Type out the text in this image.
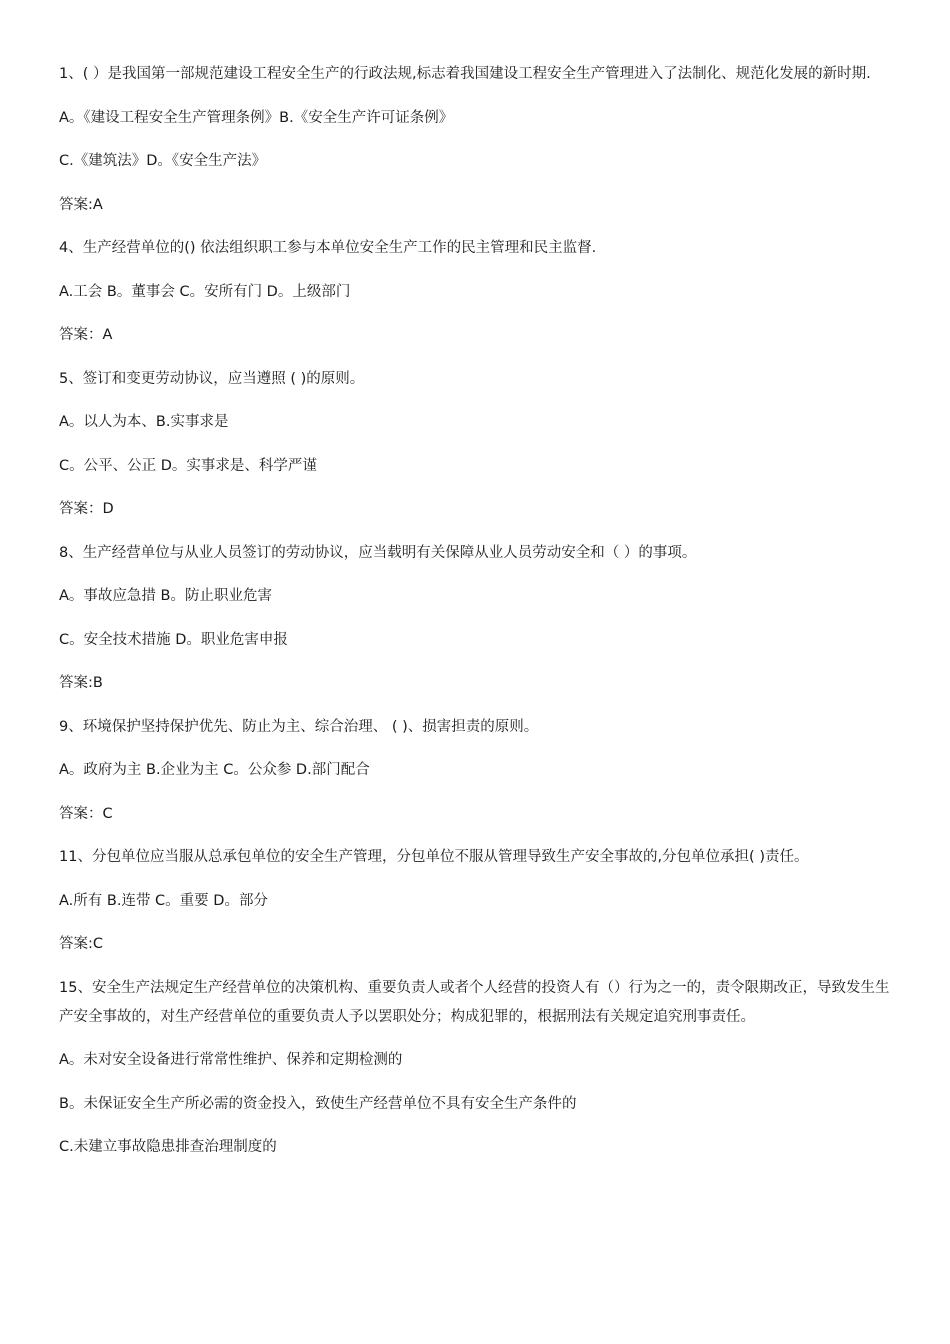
1、( ）是我国第一部规范建设工程安全生产的行政法规,标志着我国建设工程安全生产管理进入了法制化、规范化发展的新时期.

A。《建设工程安全生产管理条例》B.《安全生产许可证条例》

C.《建筑法》D。《安全生产法》

答案:A

4、生产经营单位的() 依法组织职工参与本单位安全生产工作的民主管理和民主监督.

A.工会 B。董事会 C。安所有门 D。上级部门

答案：A

5、签订和变更劳动协议，应当遵照 ( )的原则。

A。以人为本、B.实事求是

C。公平、公正 D。实事求是、科学严谨

答案：D

8、生产经营单位与从业人员签订的劳动协议，应当载明有关保障从业人员劳动安全和（ ）的事项。

A。事故应急措 B。防止职业危害

C。安全技术措施 D。职业危害申报

答案:B

9、环境保护坚持保护优先、防止为主、综合治理、 ( )、损害担责的原则。

A。政府为主 B.企业为主 C。公众参 D.部门配合

答案：C

11、分包单位应当服从总承包单位的安全生产管理，分包单位不服从管理导致生产安全事故的,分包单位承担( )责任。

A.所有 B.连带 C。重要 D。部分

答案:C

15、安全生产法规定生产经营单位的决策机构、重要负责人或者个人经营的投资人有（）行为之一的，责令限期改正，导致发生生产安全事故的，对生产经营单位的重要负责人予以罢职处分；构成犯罪的，根据刑法有关规定追究刑事责任。

A。未对安全设备进行常常性维护、保养和定期检测的

B。未保证安全生产所必需的资金投入，致使生产经营单位不具有安全生产条件的

C.未建立事故隐患排查治理制度的
